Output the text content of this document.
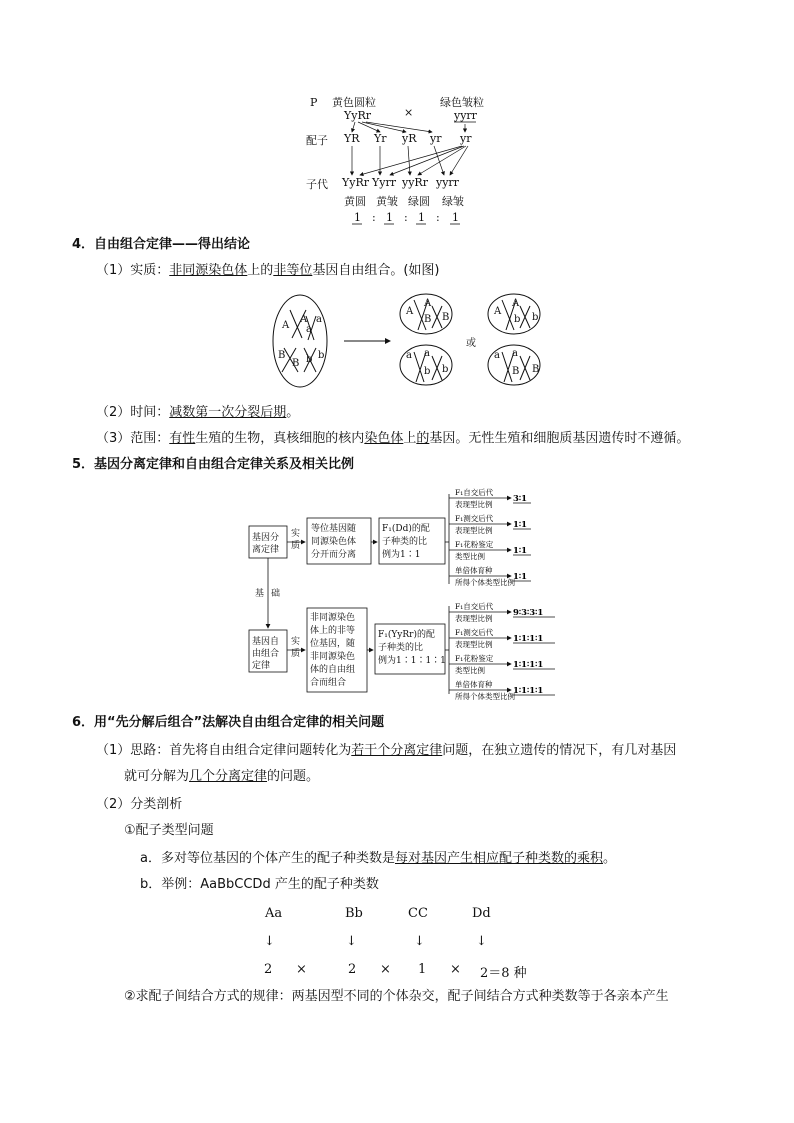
P 黄色圆粒
×
绿色皱粒
YyRr	yyrr
配子 YR Yr yR yr yr
子代 YyRr Yyrr yyRr yyrr
黄圆 黄皱 绿圆 绿皱
1 : 1 : 1 : 1
4．自由组合定律——得出结论
（1）实质：非同源染色体上的非等位基因自由组合。(如图)
A
A
a
a
B
B b b
A
A
B B
a a
b b
或
A
A
b b
a a
B B
（2）时间：减数第一次分裂后期。
（3）范围：有性生殖的生物，真核细胞的核内染色体上的基因。无性生殖和细胞质基因遗传时不遵循。
5．基因分离定律和自由组合定律关系及相关比例
基因分
离定律
实
质
等位基因随
同源染色体
分开而分离
F₁(Dd)的配
子种类的比
例为1∶1
基 础
基因自
由组合
定律
实
质
非同源染色
体上的非等
位基因，随
非同源染色
体的自由组
合而组合
F₁(YyRr)的配
子种类的比
例为1∶1∶1∶1
F₁自交后代
表现型比例
3∶1
F₁测交后代
表现型比例
1∶1
F₁花粉鉴定
类型比例
1∶1
单倍体育种
所得个体类型比例
1∶1
F₁自交后代
表现型比例
9∶3∶3∶1
F₁测交后代
表现型比例
1∶1∶1∶1
F₁花粉鉴定
类型比例
1∶1∶1∶1
单倍体育种
所得个体类型比例
1∶1∶1∶1
6．用“先分解后组合”法解决自由组合定律的相关问题
（1）思路：首先将自由组合定律问题转化为若干个分离定律问题，在独立遗传的情况下，有几对基因
就可分解为几个分离定律的问题。
（2）分类剖析
①配子类型问题
a．多对等位基因的个体产生的配子种类数是每对基因产生相应配子种类数的乘积。
b．举例：AaBbCCDd 产生的配子种类数
Aa	Bb	CC	Dd
↓	↓	↓	↓
2 ×	2 × 1 × 2＝8 种
②求配子间结合方式的规律：两基因型不同的个体杂交，配子间结合方式种类数等于各亲本产生
